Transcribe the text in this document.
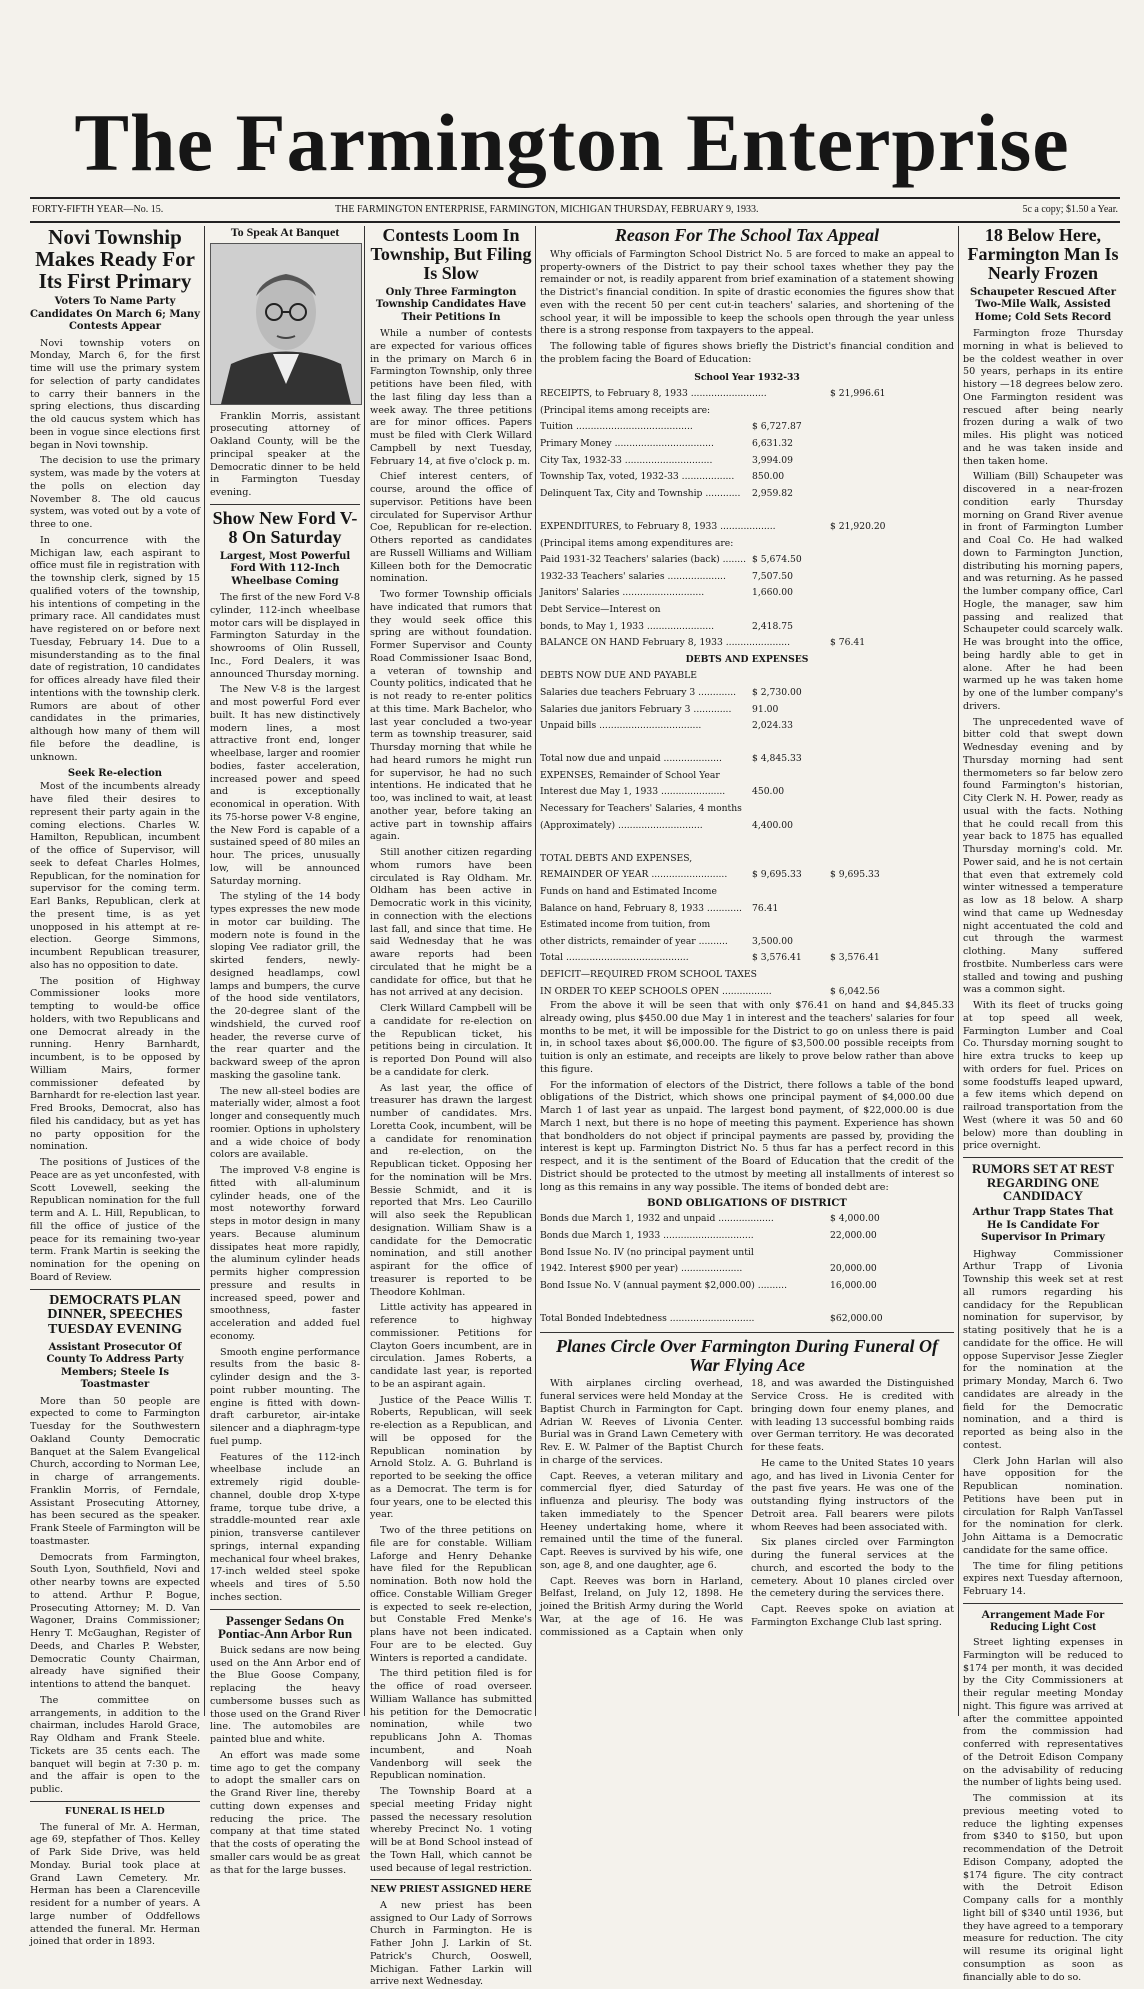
The Farmington Enterprise
FORTY-FIFTH YEAR—No. 15.	THE FARMINGTON ENTERPRISE, FARMINGTON, MICHIGAN THURSDAY, FEBRUARY 9, 1933.	5c a copy; $1.50 a Year.
Novi Township Makes Ready For Its First Primary
Voters To Name Party Candidates On March 6; Many Contests Appear

Novi township voters on Monday, March 6, for the first time will use the primary system for selection of party candidates to carry their banners in the spring elections, thus discarding the old caucus system which has been in vogue since elections first began in Novi township.

The decision to use the primary system, was made by the voters at the polls on election day November 8. The old caucus system, was voted out by a vote of three to one.

In concurrence with the Michigan law, each aspirant to office must file in registration with the township clerk, signed by 15 qualified voters of the township, his intentions of competing in the primary race. All candidates must have registered on or before next Tuesday, February 14. Due to a misunderstanding as to the final date of registration, 10 candidates for offices already have filed their intentions with the township clerk. Rumors are about of other candidates in the primaries, although how many of them will file before the deadline, is unknown.

Seek Re-election

Most of the incumbents already have filed their desires to represent their party again in the coming elections. Charles W. Hamilton, Republican, incumbent of the office of Supervisor, will seek to defeat Charles Holmes, Republican, for the nomination for supervisor for the coming term. Earl Banks, Republican, clerk at the present time, is as yet unopposed in his attempt at re-election. George Simmons, incumbent Republican treasurer, also has no opposition to date.

The position of Highway Commissioner looks more tempting to would-be office holders, with two Republicans and one Democrat already in the running. Henry Barnhardt, incumbent, is to be opposed by William Mairs, former commissioner defeated by Barnhardt for re-election last year. Fred Brooks, Democrat, also has filed his candidacy, but as yet has no party opposition for the nomination.

The positions of Justices of the Peace are as yet unconfested, with Scott Lovewell, seeking the Republican nomination for the full term and A. L. Hill, Republican, to fill the office of justice of the peace for its remaining two-year term. Frank Martin is seeking the nomination for the opening on Board of Review.

DEMOCRATS PLAN DINNER, SPEECHES TUESDAY EVENING
Assistant Prosecutor Of County To Address Party Members; Steele Is Toastmaster

More than 50 people are expected to come to Farmington Tuesday for the Southwestern Oakland County Democratic Banquet at the Salem Evangelical Church, according to Norman Lee, in charge of arrangements. Franklin Morris, of Ferndale, Assistant Prosecuting Attorney, has been secured as the speaker. Frank Steele of Farmington will be toastmaster.

Democrats from Farmington, South Lyon, Southfield, Novi and other nearby towns are expected to attend. Arthur P. Bogue, Prosecuting Attorney; M. D. Van Wagoner, Drains Commissioner; Henry T. McGaughan, Register of Deeds, and Charles P. Webster, Democratic County Chairman, already have signified their intentions to attend the banquet.

The committee on arrangements, in addition to the chairman, includes Harold Grace, Ray Oldham and Frank Steele. Tickets are 35 cents each. The banquet will begin at 7:30 p. m. and the affair is open to the public.

FUNERAL IS HELD

The funeral of Mr. A. Herman, age 69, stepfather of Thos. Kelley of Park Side Drive, was held Monday. Burial took place at Grand Lawn Cemetery. Mr. Herman has been a Clarenceville resident for a number of years. A large number of Oddfellows attended the funeral. Mr. Herman joined that order in 1893.

To Speak At Banquet

Franklin Morris, assistant prosecuting attorney of Oakland County, will be the principal speaker at the Democratic dinner to be held in Farmington Tuesday evening.

Show New Ford V-8 On Saturday
Largest, Most Powerful Ford With 112-Inch Wheelbase Coming

The first of the new Ford V-8 cylinder, 112-inch wheelbase motor cars will be displayed in Farmington Saturday in the showrooms of Olin Russell, Inc., Ford Dealers, it was announced Thursday morning.

The New V-8 is the largest and most powerful Ford ever built. It has new distinctively modern lines, a most attractive front end, longer wheelbase, larger and roomier bodies, faster acceleration, increased power and speed and is exceptionally economical in operation. With its 75-horse power V-8 engine, the New Ford is capable of a sustained speed of 80 miles an hour. The prices, unusually low, will be announced Saturday morning.

The styling of the 14 body types expresses the new mode in motor car building. The modern note is found in the sloping Vee radiator grill, the skirted fenders, newly-designed headlamps, cowl lamps and bumpers, the curve of the hood side ventilators, the 20-degree slant of the windshield, the curved roof header, the reverse curve of the rear quarter and the backward sweep of the apron masking the gasoline tank.

The new all-steel bodies are materially wider, almost a foot longer and consequently much roomier. Options in upholstery and a wide choice of body colors are available.

The improved V-8 engine is fitted with all-aluminum cylinder heads, one of the most noteworthy forward steps in motor design in many years. Because aluminum dissipates heat more rapidly, the aluminum cylinder heads permits higher compression pressure and results in increased speed, power and smoothness, faster acceleration and added fuel economy.

Smooth engine performance results from the basic 8-cylinder design and the 3-point rubber mounting. The engine is fitted with down-draft carburetor, air-intake silencer and a diaphragm-type fuel pump.

Features of the 112-inch wheelbase include an extremely rigid double-channel, double drop X-type frame, torque tube drive, a straddle-mounted rear axle pinion, transverse cantilever springs, internal expanding mechanical four wheel brakes, 17-inch welded steel spoke wheels and tires of 5.50 inches section.

Passenger Sedans On Pontiac-Ann Arbor Run

Buick sedans are now being used on the Ann Arbor end of the Blue Goose Company, replacing the heavy cumbersome busses such as those used on the Grand River line. The automobiles are painted blue and white.

An effort was made some time ago to get the company to adopt the smaller cars on the Grand River line, thereby cutting down expenses and reducing the price. The company at that time stated that the costs of operating the smaller cars would be as great as that for the large busses.

Contests Loom In Township, But Filing Is Slow
Only Three Farmington Township Candidates Have Their Petitions In

While a number of contests are expected for various offices in the primary on March 6 in Farmington Township, only three petitions have been filed, with the last filing day less than a week away. The three petitions are for minor offices. Papers must be filed with Clerk Willard Campbell by next Tuesday, February 14, at five o'clock p. m.

Chief interest centers, of course, around the office of supervisor. Petitions have been circulated for Supervisor Arthur Coe, Republican for re-election. Others reported as candidates are Russell Williams and William Killeen both for the Democratic nomination.

Two former Township officials have indicated that rumors that they would seek office this spring are without foundation. Former Supervisor and County Road Commissioner Isaac Bond, a veteran of township and County politics, indicated that he is not ready to re-enter politics at this time. Mark Bachelor, who last year concluded a two-year term as township treasurer, said Thursday morning that while he had heard rumors he might run for supervisor, he had no such intentions. He indicated that he too, was inclined to wait, at least another year, before taking an active part in township affairs again.

Still another citizen regarding whom rumors have been circulated is Ray Oldham. Mr. Oldham has been active in Democratic work in this vicinity, in connection with the elections last fall, and since that time. He said Wednesday that he was aware reports had been circulated that he might be a candidate for office, but that he has not arrived at any decision.

Clerk Willard Campbell will be a candidate for re-election on the Republican ticket, his petitions being in circulation. It is reported Don Pound will also be a candidate for clerk.

As last year, the office of treasurer has drawn the largest number of candidates. Mrs. Loretta Cook, incumbent, will be a candidate for renomination and re-election, on the Republican ticket. Opposing her for the nomination will be Mrs. Bessie Schmidt, and it is reported that Mrs. Leo Caurillo will also seek the Republican designation. William Shaw is a candidate for the Democratic nomination, and still another aspirant for the office of treasurer is reported to be Theodore Kohlman.

Little activity has appeared in reference to highway commissioner. Petitions for Clayton Goers incumbent, are in circulation. James Roberts, a candidate last year, is reported to be an aspirant again.

Justice of the Peace Willis T. Roberts, Republican, will seek re-election as a Republican, and will be opposed for the Republican nomination by Arnold Stolz. A. G. Buhrland is reported to be seeking the office as a Democrat. The term is for four years, one to be elected this year.

Two of the three petitions on file are for constable. William Laforge and Henry Dehanke have filed for the Republican nomination. Both now hold the office. Constable William Greger is expected to seek re-election, but Constable Fred Menke's plans have not been indicated. Four are to be elected. Guy Winters is reported a candidate.

The third petition filed is for the office of road overseer. William Wallance has submitted his petition for the Democratic nomination, while two republicans John A. Thomas incumbent, and Noah Vandenborg will seek the Republican nomination.

The Township Board at a special meeting Friday night passed the necessary resolution whereby Precinct No. 1 voting will be at Bond School instead of the Town Hall, which cannot be used because of legal restriction.

NEW PRIEST ASSIGNED HERE

A new priest has been assigned to Our Lady of Sorrows Church in Farmington. He is Father John J. Larkin of St. Patrick's Church, Ooswell, Michigan. Father Larkin will arrive next Wednesday.

Reason For The School Tax Appeal

Why officials of Farmington School District No. 5 are forced to make an appeal to property-owners of the District to pay their school taxes whether they pay the remainder or not, is readily apparent from brief examination of a statement showing the District's financial condition. In spite of drastic economies the figures show that even with the recent 50 per cent cut-in teachers' salaries, and shortening of the school year, it will be impossible to keep the schools open through the year unless there is a strong response from taxpayers to the appeal.

The following table of figures shows briefly the District's financial condition and the problem facing the Board of Education:

School Year 1932-33
RECEIPTS, to February 8, 1933 ..........................	$ 21,996.61
(Principal items among receipts are:
Tuition ........................................	$ 6,727.87
Primary Money ..................................	6,631.32
City Tax, 1932-33 ..............................	3,994.09
Township Tax, voted, 1932-33 .................. 850.00
Delinquent Tax, City and Township ............ 2,959.82
EXPENDITURES, to February 8, 1933 ...................	$ 21,920.20
(Principal items among expenditures are:
Paid 1931-32 Teachers' salaries (back) ........ $ 5,674.50
1932-33 Teachers' salaries ....................	7,507.50
Janitors' Salaries ............................	1,660.00
Debt Service—Interest on
bonds, to May 1, 1933 .......................	2,418.75
BALANCE ON HAND February 8, 1933 ......................	$ 76.41
DEBTS AND EXPENSES
DEBTS NOW DUE AND PAYABLE
Salaries due teachers February 3 ............. $ 2,730.00
Salaries due janitors February 3 ............. 91.00
Unpaid bills ...................................	2,024.33
Total now due and unpaid ....................	$ 4,845.33
EXPENSES, Remainder of School Year
Interest due May 1, 1933 ......................	450.00
Necessary for Teachers' Salaries, 4 months
(Approximately) .............................	4,400.00
TOTAL DEBTS AND EXPENSES,
REMAINDER OF YEAR ..........................	$ 9,695.33	$ 9,695.33
Funds on hand and Estimated Income
Balance on hand, February 8, 1933 ............ 76.41
Estimated income from tuition, from
other districts, remainder of year ..........	3,500.00
Total ..........................................	$ 3,576.41	$ 3,576.41
DEFICIT—REQUIRED FROM SCHOOL TAXES
IN ORDER TO KEEP SCHOOLS OPEN .................	$ 6,042.56

From the above it will be seen that with only $76.41 on hand and $4,845.33 already owing, plus $450.00 due May 1 in interest and the teachers' salaries for four months to be met, it will be impossible for the District to go on unless there is paid in, in school taxes about $6,000.00. The figure of $3,500.00 possible receipts from tuition is only an estimate, and receipts are likely to prove below rather than above this figure.

For the information of electors of the District, there follows a table of the bond obligations of the District, which shows one principal payment of $4,000.00 due March 1 of last year as unpaid. The largest bond payment, of $22,000.00 is due March 1 next, but there is no hope of meeting this payment. Experience has shown that bondholders do not object if principal payments are passed by, providing the interest is kept up. Farmington District No. 5 thus far has a perfect record in this respect, and it is the sentiment of the Board of Education that the credit of the District should be protected to the utmost by meeting all installments of interest so long as this remains in any way possible. The items of bonded debt are:

BOND OBLIGATIONS OF DISTRICT
Bonds due March 1, 1932 and unpaid ...................	$ 4,000.00
Bonds due March 1, 1933 ...............................	22,000.00
Bond Issue No. IV (no principal payment until
1942. Interest $900 per year) .....................	20,000.00
Bond Issue No. V (annual payment $2,000.00) ..........	16,000.00
Total Bonded Indebtedness .............................	$62,000.00
Planes Circle Over Farmington During Funeral Of War Flying Ace

With airplanes circling overhead, funeral services were held Monday at the Baptist Church in Farmington for Capt. Adrian W. Reeves of Livonia Center. Burial was in Grand Lawn Cemetery with Rev. E. W. Palmer of the Baptist Church in charge of the services.

Capt. Reeves, a veteran military and commercial flyer, died Saturday of influenza and pleurisy. The body was taken immediately to the Spencer Heeney undertaking home, where it remained until the time of the funeral. Capt. Reeves is survived by his wife, one son, age 8, and one daughter, age 6.

Capt. Reeves was born in Harland, Belfast, Ireland, on July 12, 1898. He joined the British Army during the World War, at the age of 16. He was commissioned as a Captain when only 18, and was awarded the Distinguished Service Cross. He is credited with bringing down four enemy planes, and with leading 13 successful bombing raids over German territory. He was decorated for these feats.

He came to the United States 10 years ago, and has lived in Livonia Center for the past five years. He was one of the outstanding flying instructors of the Detroit area. Fall bearers were pilots whom Reeves had been associated with.

Six planes circled over Farmington during the funeral services at the church, and escorted the body to the cemetery. About 10 planes circled over the cemetery during the services there.

Capt. Reeves spoke on aviation at Farmington Exchange Club last spring.

18 Below Here, Farmington Man Is Nearly Frozen
Schaupeter Rescued After Two-Mile Walk, Assisted Home; Cold Sets Record

Farmington froze Thursday morning in what is believed to be the coldest weather in over 50 years, perhaps in its entire history —18 degrees below zero. One Farmington resident was rescued after being nearly frozen during a walk of two miles. His plight was noticed and he was taken inside and then taken home.

William (Bill) Schaupeter was discovered in a near-frozen condition early Thursday morning on Grand River avenue in front of Farmington Lumber and Coal Co. He had walked down to Farmington Junction, distributing his morning papers, and was returning. As he passed the lumber company office, Carl Hogle, the manager, saw him passing and realized that Schaupeter could scarcely walk. He was brought into the office, being hardly able to get in alone. After he had been warmed up he was taken home by one of the lumber company's drivers.

The unprecedented wave of bitter cold that swept down Wednesday evening and by Thursday morning had sent thermometers so far below zero found Farmington's historian, City Clerk N. H. Power, ready as usual with the facts. Nothing that he could recall from this year back to 1875 has equalled Thursday morning's cold. Mr. Power said, and he is not certain that even that extremely cold winter witnessed a temperature as low as 18 below. A sharp wind that came up Wednesday night accentuated the cold and cut through the warmest clothing. Many suffered frostbite. Numberless cars were stalled and towing and pushing was a common sight.

With its fleet of trucks going at top speed all week, Farmington Lumber and Coal Co. Thursday morning sought to hire extra trucks to keep up with orders for fuel. Prices on some foodstuffs leaped upward, a few items which depend on railroad transportation from the West (where it was 50 and 60 below) more than doubling in price overnight.

RUMORS SET AT REST REGARDING ONE CANDIDACY
Arthur Trapp States That He Is Candidate For Supervisor In Primary

Highway Commissioner Arthur Trapp of Livonia Township this week set at rest all rumors regarding his candidacy for the Republican nomination for supervisor, by stating positively that he is a candidate for the office. He will oppose Supervisor Jesse Ziegler for the nomination at the primary Monday, March 6. Two candidates are already in the field for the Democratic nomination, and a third is reported as being also in the contest.

Clerk John Harlan will also have opposition for the Republican nomination. Petitions have been put in circulation for Ralph VanTassel for the nomination for clerk. John Aittama is a Democratic candidate for the same office.

The time for filing petitions expires next Tuesday afternoon, February 14.

Arrangement Made For Reducing Light Cost

Street lighting expenses in Farmington will be reduced to $174 per month, it was decided by the City Commissioners at their regular meeting Monday night. This figure was arrived at after the committee appointed from the commission had conferred with representatives of the Detroit Edison Company on the advisability of reducing the number of lights being used.

The commission at its previous meeting voted to reduce the lighting expenses from $340 to $150, but upon recommendation of the Detroit Edison Company, adopted the $174 figure. The city contract with the Detroit Edison Company calls for a monthly light bill of $340 until 1936, but they have agreed to a temporary measure for reduction. The city will resume its original light consumption as soon as financially able to do so.
